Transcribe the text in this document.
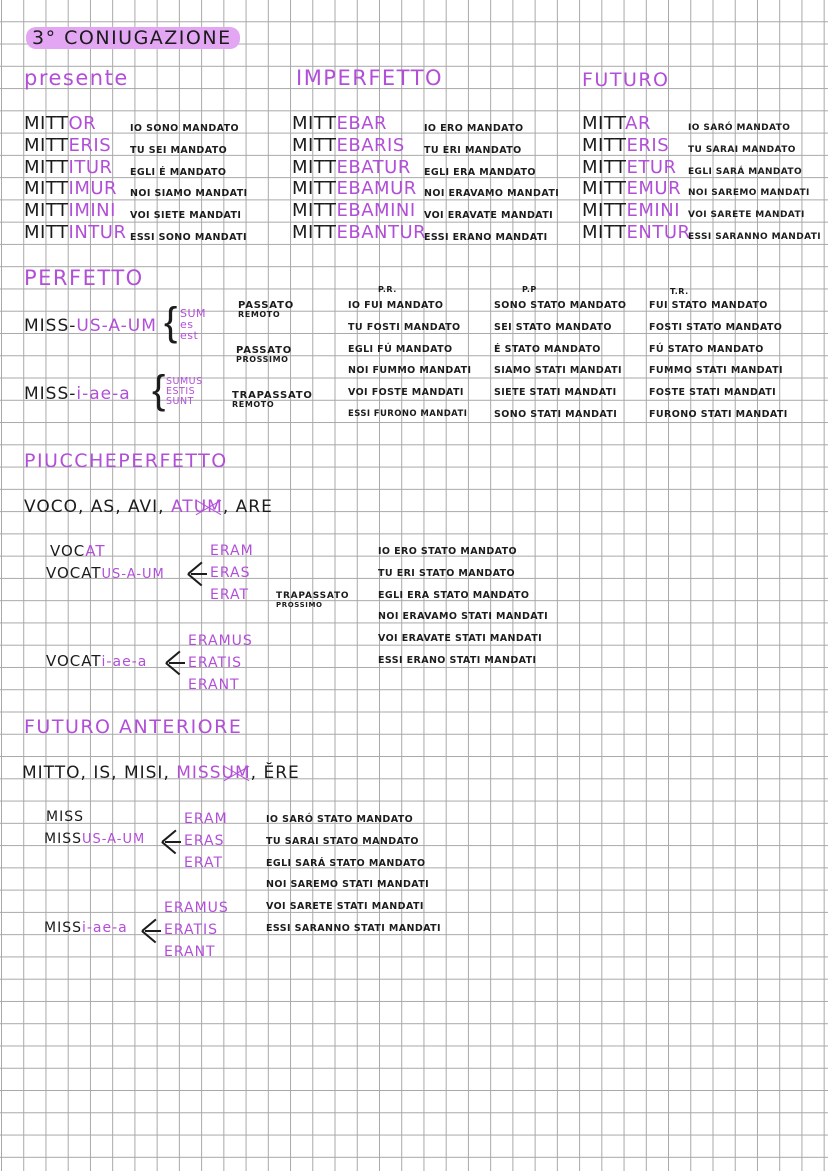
3° CONIUGAZIONE
presente
MITTOR
MITTERIS
MITTITUR
MITTIMUR
MITTIMINI
MITTINTUR
IO SONO MANDATO
TU SEI MANDATO
EGLI É MANDATO
NOI SIAMO MANDATI
VOI SIETE MANDATI
ESSI SONO MANDATI
IMPERFETTO
MITTEBAR
MITTEBARIS
MITTEBATUR
MITTEBAMUR
MITTEBAMINI
MITTEBANTUR
IO ERO MANDATO
TU ERI MANDATO
EGLI ERA MANDATO
NOI ERAVAMO MANDATI
VOI ERAVATE MANDATI
ESSI ERANO MANDATI
FUTURO
MITTAR
MITTERIS
MITTETUR
MITTEMUR
MITTEMINI
MITTENTUR
IO SARÓ MANDATO
TU SARAI MANDATO
EGLI SARÁ MANDATO
NOI SAREMO MANDATI
VOI SARETE MANDATI
ESSI SARANNO MANDATI
PERFETTO
MISS-US-A-UM { SUM
es
est
MISS-i-ae-a { SUMUS
ESTIS
SUNT
PASSATO
REMOTO
PASSATO
PROSSIMO
TRAPASSATO
REMOTO
P.R.
IO FUI MANDATO
TU FOSTI MANDATO
EGLI FÚ MANDATO
NOI FUMMO MANDATI
VOI FOSTE MANDATI
ESSI FURONO MANDATI
P.P
SONO STATO MANDATO
SEI STATO MANDATO
É STATO MANDATO
SIAMO STATI MANDATI
SIETE STATI MANDATI
SONO STATI MANDATI
T.R.
FUI STATO MANDATO
FOSTI STATO MANDATO
FÚ STATO MANDATO
FUMMO STATI MANDATI
FOSTE STATI MANDATI
FURONO STATI MANDATI
PIUCCHEPERFETTO
VOCO, AS, AVI, ATUM, ARE
VOCAT
VOCATUS-A-UM
ERAM
ERAS
ERAT	TRAPASSATO
PROSSIMO
VOCATi-ae-a
ERAMUS
ERATIS
ERANT
IO ERO STATO MANDATO
TU ERI STATO MANDATO
EGLI ERA STATO MANDATO
NOI ERAVAMO STATI MANDATI
VOI ERAVATE STATI MANDATI
ESSI ERANO STATI MANDATI
FUTURO ANTERIORE
MITTO, IS, MISI, MISSUM, ĔRE
MISS
MISSUS-A-UM
ERAM
ERAS
ERAT
MISSi-ae-a
ERAMUS
ERATIS
ERANT
IO SARÓ STATO MANDATO
TU SARAI STATO MANDATO
EGLI SARÁ STATO MANDATO
NOI SAREMO STATI MANDATI
VOI SARETE STATI MANDATI
ESSI SARANNO STATI MANDATI
